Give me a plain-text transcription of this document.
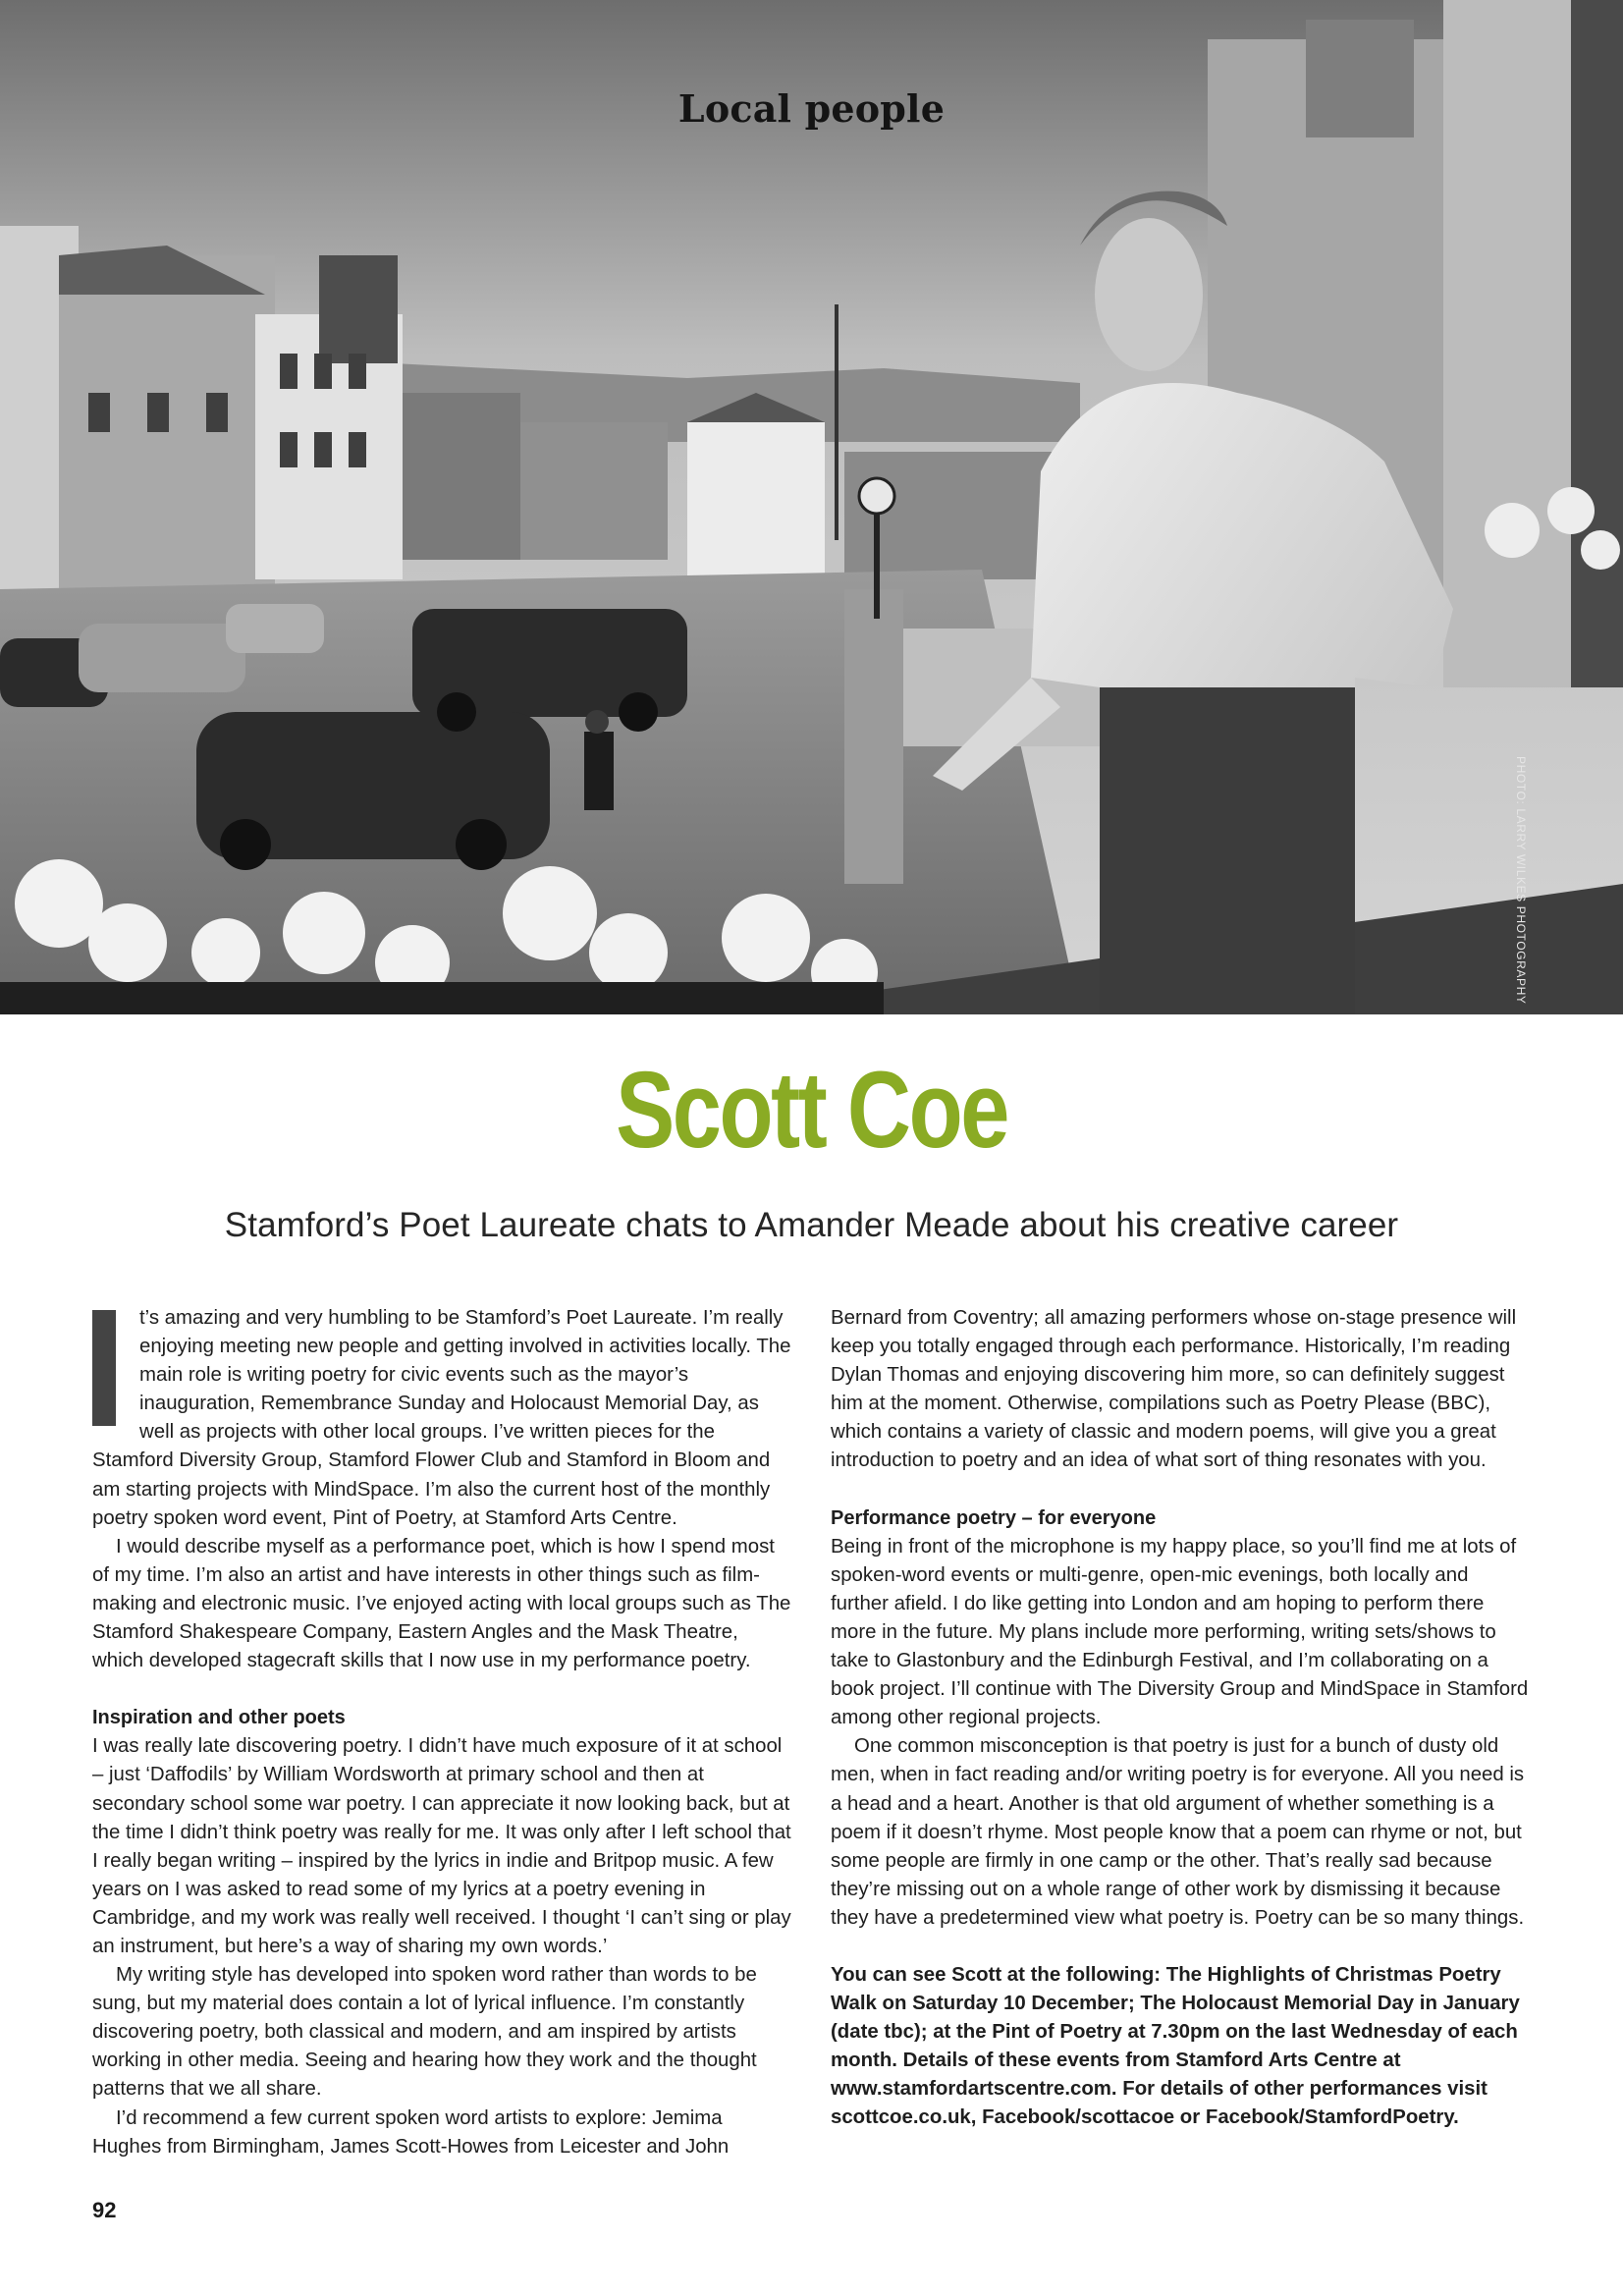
Local people
PHOTO: LARRY WILKES PHOTOGRAPHY
Scott Coe
Stamford’s Poet Laureate chats to Amander Meade about his creative career

t’s amazing and very humbling to be Stamford’s Poet Laureate. I’m really enjoying meeting new people and getting involved in activities locally. The main role is writing poetry for civic events such as the mayor’s inauguration, Remembrance Sunday and Holocaust Memorial Day, as well as projects with other local groups. I’ve written pieces for the Stamford Diversity Group, Stamford Flower Club and Stamford in Bloom and am starting projects with MindSpace. I’m also the current host of the monthly poetry spoken word event, Pint of Poetry, at Stamford Arts Centre.

I would describe myself as a performance poet, which is how I spend most of my time. I’m also an artist and have interests in other things such as film-making and electronic music. I’ve enjoyed acting with local groups such as The Stamford Shakespeare Company, Eastern Angles and the Mask Theatre, which developed stagecraft skills that I now use in my performance poetry.

Inspiration and other poets

I was really late discovering poetry. I didn’t have much exposure of it at school – just ‘Daffodils’ by William Wordsworth at primary school and then at secondary school some war poetry. I can appreciate it now looking back, but at the time I didn’t think poetry was really for me. It was only after I left school that I really began writing – inspired by the lyrics in indie and Britpop music. A few years on I was asked to read some of my lyrics at a poetry evening in Cambridge, and my work was really well received. I thought ‘I can’t sing or play an instrument, but here’s a way of sharing my own words.’

My writing style has developed into spoken word rather than words to be sung, but my material does contain a lot of lyrical influence. I’m constantly discovering poetry, both classical and modern, and am inspired by artists working in other media. Seeing and hearing how they work and the thought patterns that we all share.

I’d recommend a few current spoken word artists to explore: Jemima Hughes from Birmingham, James Scott-Howes from Leicester and John

Bernard from Coventry; all amazing performers whose on-stage presence will keep you totally engaged through each performance. Historically, I’m reading Dylan Thomas and enjoying discovering him more, so can definitely suggest him at the moment. Otherwise, compilations such as Poetry Please (BBC), which contains a variety of classic and modern poems, will give you a great introduction to poetry and an idea of what sort of thing resonates with you.

Performance poetry – for everyone

Being in front of the microphone is my happy place, so you’ll find me at lots of spoken-word events or multi-genre, open-mic evenings, both locally and further afield. I do like getting into London and am hoping to perform there more in the future. My plans include more performing, writing sets/shows to take to Glastonbury and the Edinburgh Festival, and I’m collaborating on a book project. I’ll continue with The Diversity Group and MindSpace in Stamford among other regional projects.

One common misconception is that poetry is just for a bunch of dusty old men, when in fact reading and/or writing poetry is for everyone. All you need is a head and a heart. Another is that old argument of whether something is a poem if it doesn’t rhyme. Most people know that a poem can rhyme or not, but some people are firmly in one camp or the other. That’s really sad because they’re missing out on a whole range of other work by dismissing it because they have a predetermined view what poetry is. Poetry can be so many things.

You can see Scott at the following: The Highlights of Christmas Poetry Walk on Saturday 10 December; The Holocaust Memorial Day in January (date tbc); at the Pint of Poetry at 7.30pm on the last Wednesday of each month. Details of these events from Stamford Arts Centre at www.stamfordartscentre.com. For details of other performances visit scottcoe.co.uk, Facebook/scottacoe or Facebook/StamfordPoetry.

92
